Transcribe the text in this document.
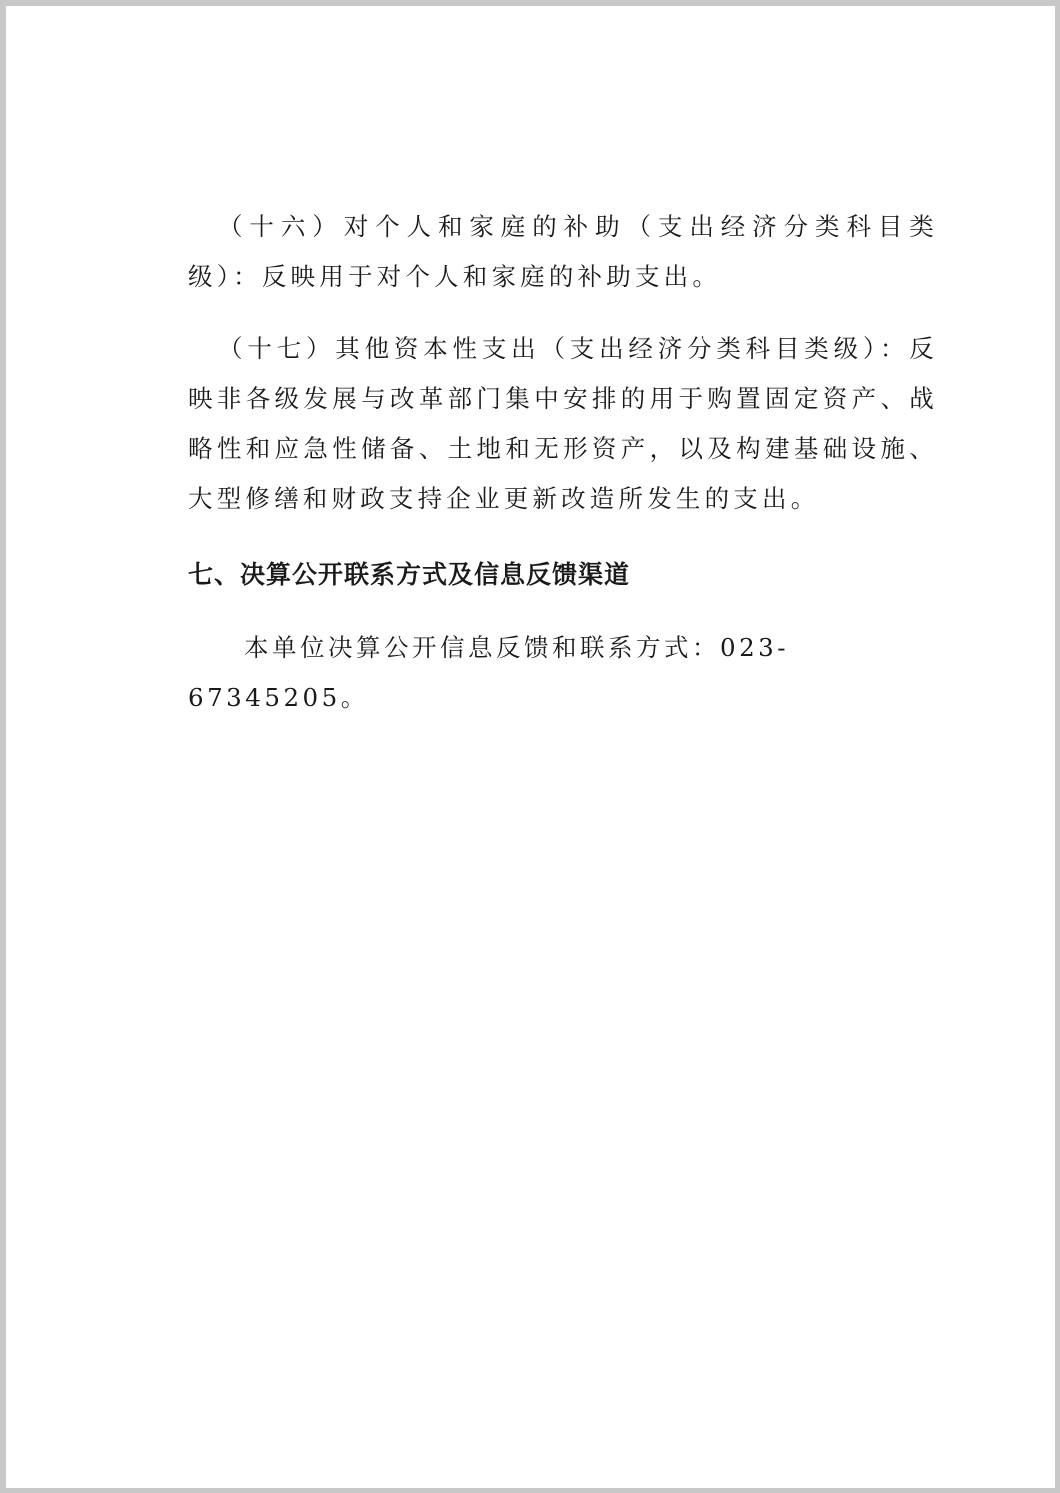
（十六）对个人和家庭的补助（支出经济分类科目类级）：反映用于对个人和家庭的补助支出。

（十七）其他资本性支出（支出经济分类科目类级）：反映非各级发展与改革部门集中安排的用于购置固定资产、战略性和应急性储备、土地和无形资产，以及构建基础设施、大型修缮和财政支持企业更新改造所发生的支出。

七、决算公开联系方式及信息反馈渠道

本单位决算公开信息反馈和联系方式：023-67345205。
